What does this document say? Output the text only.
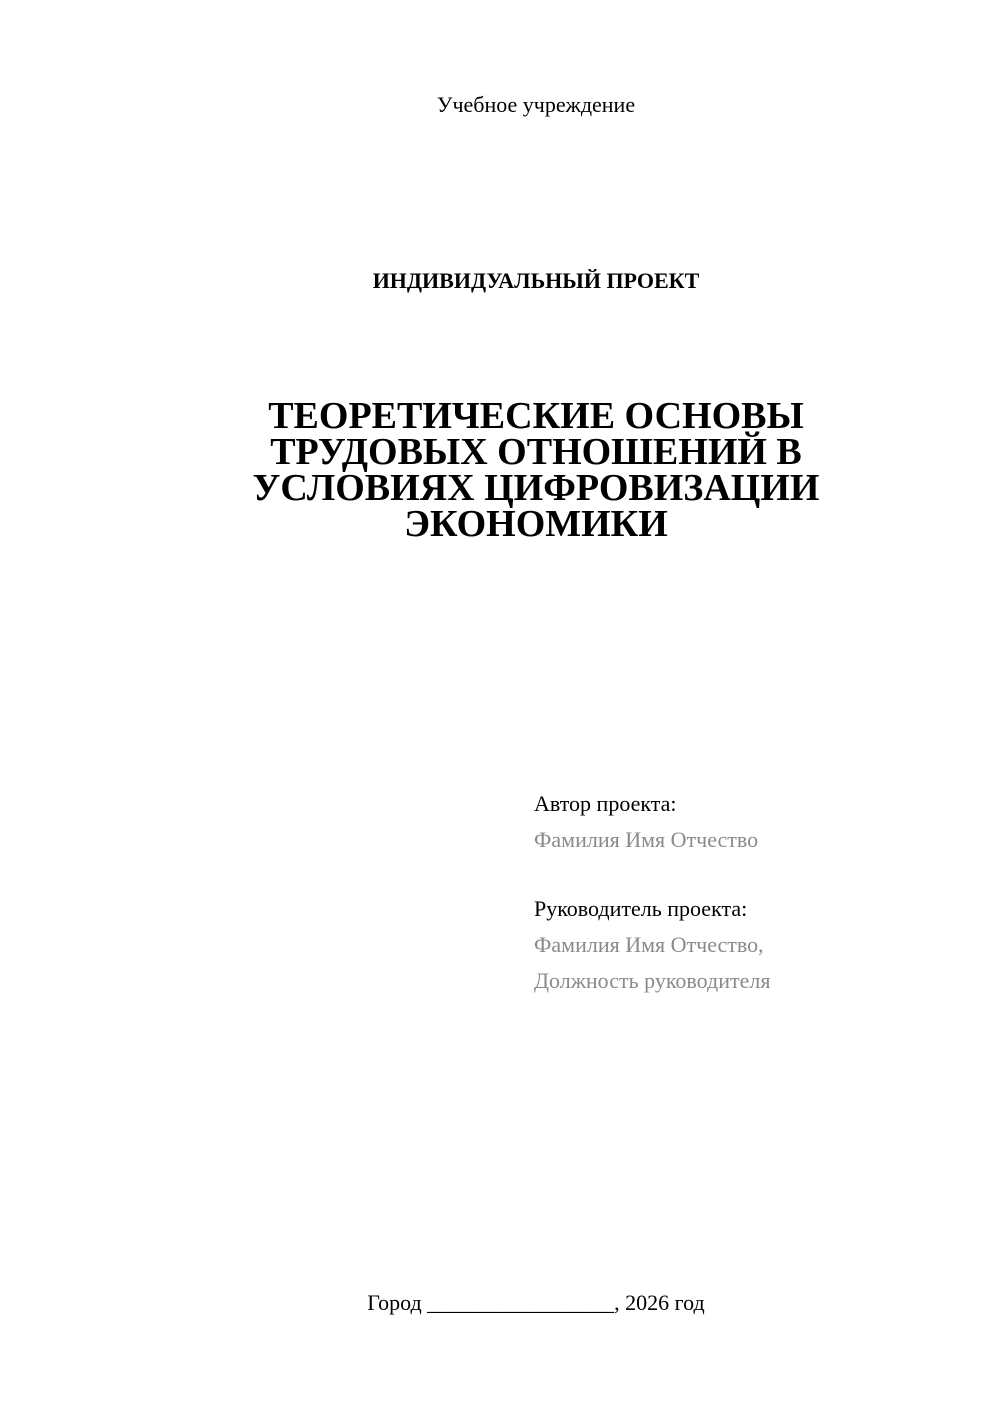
Учебное учреждение
ИНДИВИДУАЛЬНЫЙ ПРОЕКТ
ТЕОРЕТИЧЕСКИЕ ОСНОВЫ
ТРУДОВЫХ ОТНОШЕНИЙ В
УСЛОВИЯХ ЦИФРОВИЗАЦИИ
ЭКОНОМИКИ
Автор проекта:
Фамилия Имя Отчество
Руководитель проекта:
Фамилия Имя Отчество,
Должность руководителя
Город _________________, 2026 год
